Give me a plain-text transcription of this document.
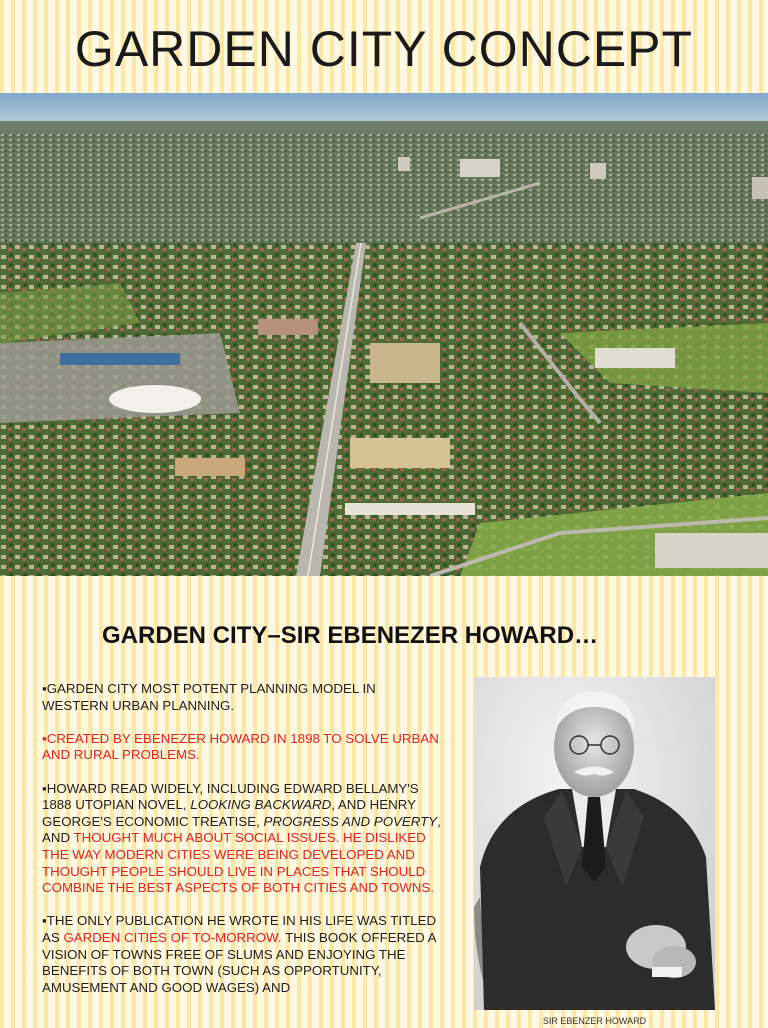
GARDEN CITY CONCEPT
GARDEN CITY–SIR EBENEZER HOWARD…

▪GARDEN CITY MOST POTENT PLANNING MODEL IN WESTERN URBAN PLANNING.

▪CREATED BY EBENEZER HOWARD IN 1898 TO SOLVE URBAN AND RURAL PROBLEMS.

▪HOWARD READ WIDELY, INCLUDING EDWARD BELLAMY'S 1888 UTOPIAN NOVEL, LOOKING BACKWARD, AND HENRY GEORGE'S ECONOMIC TREATISE, PROGRESS AND POVERTY, AND THOUGHT MUCH ABOUT SOCIAL ISSUES. HE DISLIKED THE WAY MODERN CITIES WERE BEING DEVELOPED AND THOUGHT PEOPLE SHOULD LIVE IN PLACES THAT SHOULD COMBINE THE BEST ASPECTS OF BOTH CITIES AND TOWNS.

▪THE ONLY PUBLICATION HE WROTE IN HIS LIFE WAS TITLED AS GARDEN CITIES OF TO-MORROW. THIS BOOK OFFERED A VISION OF TOWNS FREE OF SLUMS AND ENJOYING THE BENEFITS OF BOTH TOWN (SUCH AS OPPORTUNITY, AMUSEMENT AND GOOD WAGES) AND

SIR EBENZER HOWARD
